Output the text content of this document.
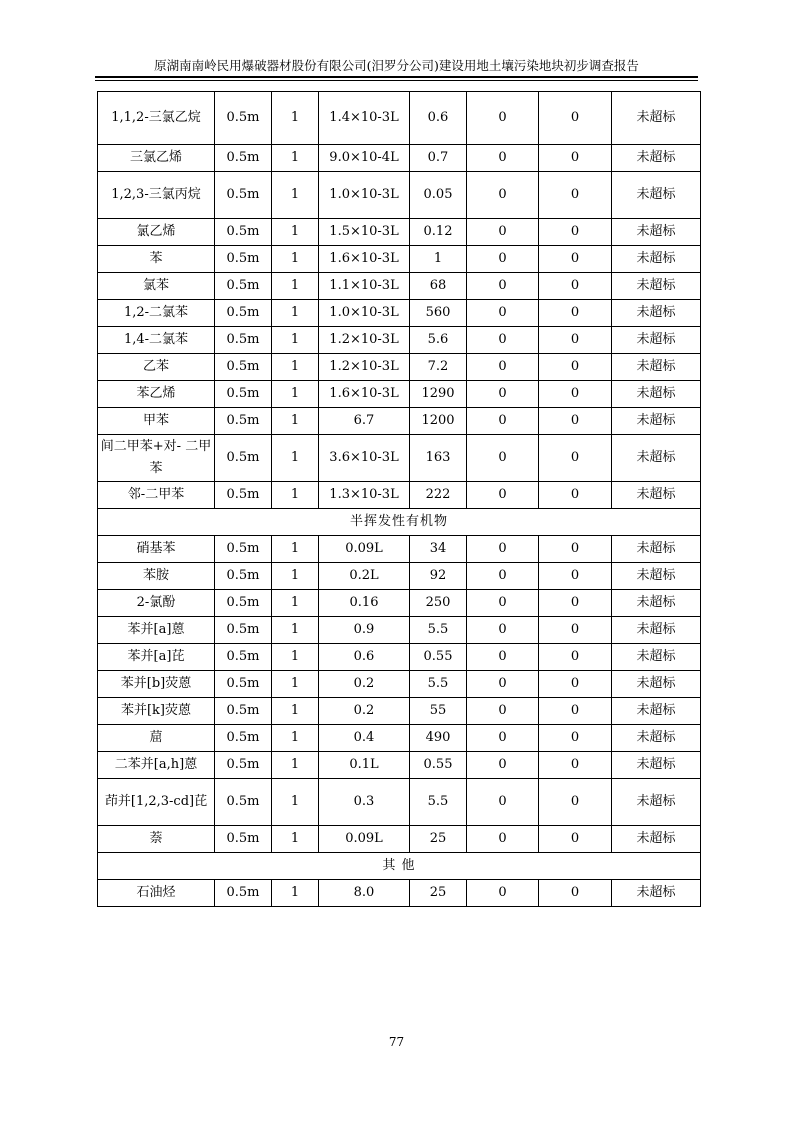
原湖南南岭民用爆破器材股份有限公司(汨罗分公司)建设用地土壤污染地块初步调查报告
1,1,2-三氯乙烷	0.5m	1	1.4×10-3L	0.6	0	0	未超标
三氯乙烯	0.5m	1	9.0×10-4L	0.7	0	0	未超标
1,2,3-三氯丙烷	0.5m	1	1.0×10-3L	0.05	0	0	未超标
氯乙烯	0.5m	1	1.5×10-3L	0.12	0	0	未超标
苯	0.5m	1	1.6×10-3L	1	0	0	未超标
氯苯	0.5m	1	1.1×10-3L	68	0	0	未超标
1,2-二氯苯	0.5m	1	1.0×10-3L	560	0	0	未超标
1,4-二氯苯	0.5m	1	1.2×10-3L	5.6	0	0	未超标
乙苯	0.5m	1	1.2×10-3L	7.2	0	0	未超标
苯乙烯	0.5m	1	1.6×10-3L	1290	0	0	未超标
甲苯	0.5m	1	6.7	1200	0	0	未超标
间二甲苯+对- 二甲苯	0.5m	1	3.6×10-3L	163	0	0	未超标
邻-二甲苯	0.5m	1	1.3×10-3L	222	0	0	未超标
半挥发性有机物							
硝基苯	0.5m	1	0.09L	34	0	0	未超标
苯胺	0.5m	1	0.2L	92	0	0	未超标
2-氯酚	0.5m	1	0.16	250	0	0	未超标
苯并[a]蒽	0.5m	1	0.9	5.5	0	0	未超标
苯并[a]芘	0.5m	1	0.6	0.55	0	0	未超标
苯并[b]荧蒽	0.5m	1	0.2	5.5	0	0	未超标
苯并[k]荧蒽	0.5m	1	0.2	55	0	0	未超标
䓛	0.5m	1	0.4	490	0	0	未超标
二苯并[a,h]蒽	0.5m	1	0.1L	0.55	0	0	未超标
茚并[1,2,3-cd]芘	0.5m	1	0.3	5.5	0	0	未超标
萘	0.5m	1	0.09L	25	0	0	未超标
其 他							
石油烃	0.5m	1	8.0	25	0	0	未超标
77
